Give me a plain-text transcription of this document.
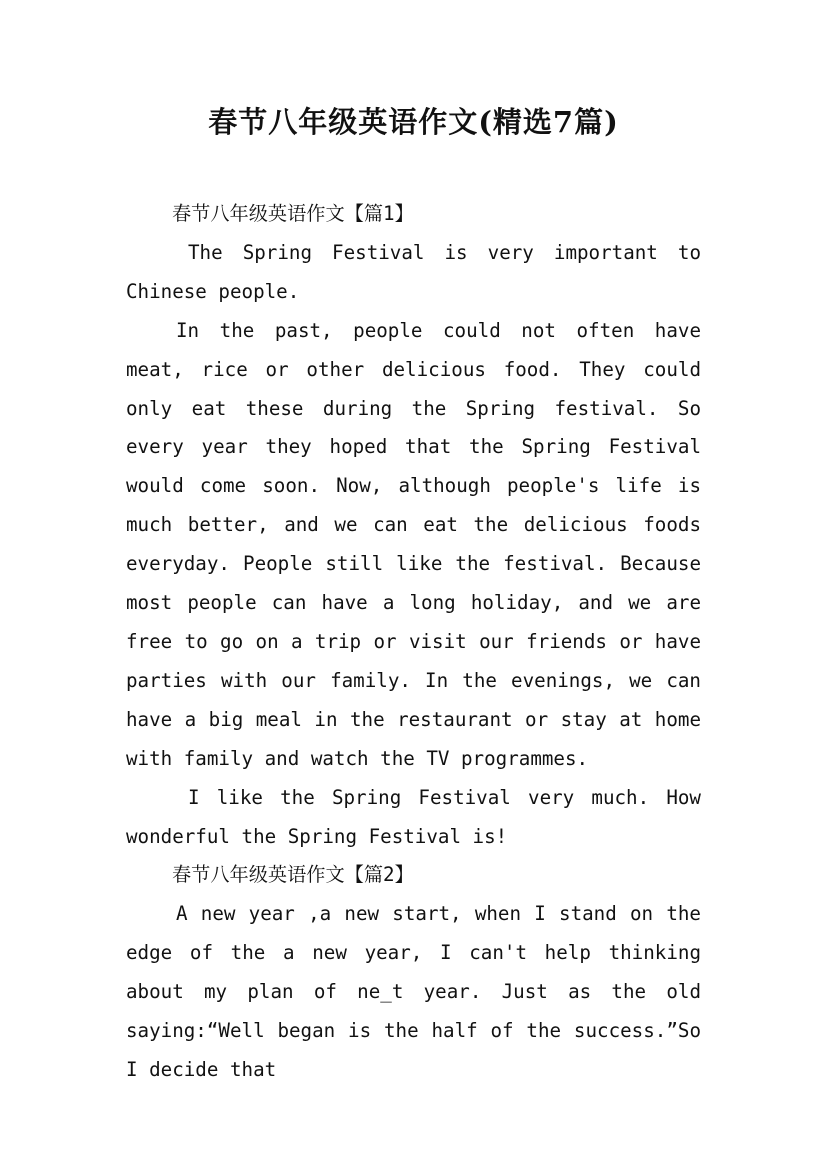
春节八年级英语作文(精选7篇)

春节八年级英语作文【篇1】

The Spring Festival is very important to Chinese people.

In the past, people could not often have meat, rice or other delicious food. They could only eat these during the Spring festival. So every year they hoped that the Spring Festival would come soon. Now, although people's life is much better, and we can eat the delicious foods everyday. People still like the festival. Because most people can have a long holiday, and we are free to go on a trip or visit our friends or have parties with our family. In the evenings, we can have a big meal in the restaurant or stay at home with family and watch the TV programmes.

I like the Spring Festival very much. How wonderful the Spring Festival is!

春节八年级英语作文【篇2】

A new year ,a new start, when I stand on the edge of the a new year, I can't help thinking about my plan of ne_t year. Just as the old saying:“Well began is the half of the success.”So I decide that
